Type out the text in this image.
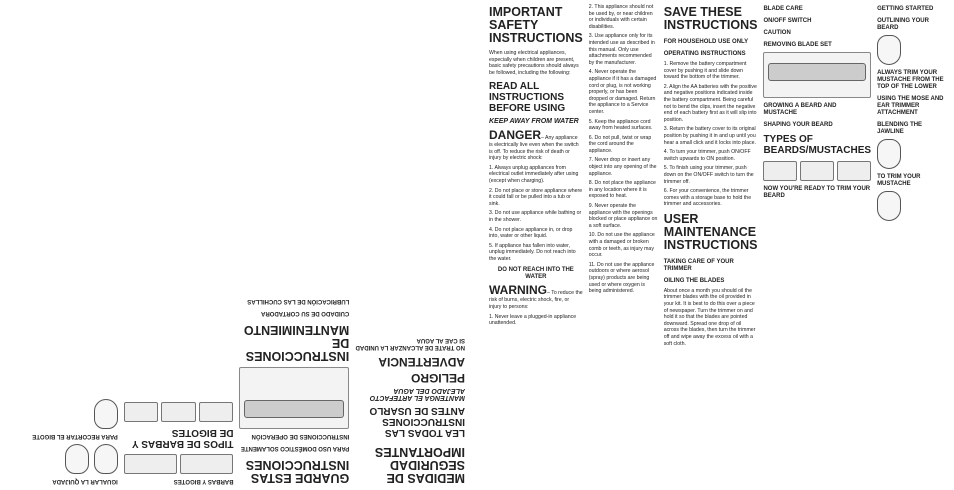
MEDIDAS DE SEGURIDAD IMPORTANTES
LEA TODAS LAS INSTRUCCIONES ANTES DE USARLO
MANTENGA EL ARTEFACTO ALEJADO DEL AGUA
PELIGRO
ADVERTENCIA
NO TRATE DE ALCANZAR LA UNIDAD SI CAE AL AGUA
GUARDE ESTAS INSTRUCCIONES
PARA USO DOMÉSTICO SOLAMENTE
INSTRUCCIONES DE OPERACIÓN
INSTRUCCIONES DE MANTENIMIENTO
CUIDADO DE SU CORTADORA
LUBRICACIÓN DE LAS CUCHILLAS
BARBAS Y BIGOTES
TIPOS DE BARBAS Y DE BIGOTES
IGUALAR LA QUIJADA
PARA RECORTAR EL BIGOTE
IMPORTANT SAFETY INSTRUCTIONS

When using electrical appliances, especially when children are present, basic safety precautions should always be followed, including the following:

READ ALL INSTRUCTIONS BEFORE USING
KEEP AWAY FROM WATER

DANGER– Any appliance is electrically live even when the switch is off. To reduce the risk of death or injury by electric shock:

1. Always unplug appliances from electrical outlet immediately after using (except when charging).

2. Do not place or store appliance where it could fall or be pulled into a tub or sink.

3. Do not use appliance while bathing or in the shower.

4. Do not place appliance in, or drop into, water or other liquid.

5. If appliance has fallen into water, unplug immediately. Do not reach into the water.

DO NOT REACH INTO THE WATER

WARNING– To reduce the risk of burns, electric shock, fire, or injury to persons:

1. Never leave a plugged-in appliance unattended.

2. This appliance should not be used by, or near children or individuals with certain disabilities.

3. Use appliance only for its intended use as described in this manual. Only use attachments recommended by the manufacturer.

4. Never operate the appliance if it has a damaged cord or plug, is not working properly, or has been dropped or damaged. Return the appliance to a Service center.

5. Keep the appliance cord away from heated surfaces.

6. Do not pull, twist or wrap the cord around the appliance.

7. Never drop or insert any object into any opening of the appliance.

8. Do not place the appliance in any location where it is exposed to heat.

9. Never operate the appliance with the openings blocked or place appliance on a soft surface.

10. Do not use the appliance with a damaged or broken comb or teeth, as injury may occur.

11. Do not use the appliance outdoors or where aerosol (spray) products are being used or where oxygen is being administered.

SAVE THESE INSTRUCTIONS
FOR HOUSEHOLD USE ONLY
OPERATING INSTRUCTIONS

1. Remove the battery compartment cover by pushing it and slide down toward the bottom of the trimmer.

2. Align the AA batteries with the positive and negative positions indicated inside the battery compartment. Being careful not to bend the clips, insert the negative end of each battery first as it will slip into position.

3. Return the battery cover to its original position by pushing it in and up until you hear a small click and it locks into place.

4. To turn your trimmer, push ON/OFF switch upwards to ON position.

5. To finish using your trimmer, push down on the ON/OFF switch to turn the trimmer off.

6. For your convenience, the trimmer comes with a storage base to hold the trimmer and accessories.

USER MAINTENANCE INSTRUCTIONS
TAKING CARE OF YOUR TRIMMER
OILING THE BLADES

About once a month you should oil the trimmer blades with the oil provided in your kit. It is best to do this over a piece of newspaper. Turn the trimmer on and hold it so that the blades are pointed downward. Spread one drop of oil across the blades, then turn the trimmer off and wipe away the excess oil with a soft cloth.

BLADE CARE
ON/OFF SWITCH
CAUTION
REMOVING BLADE SET
GROWING A BEARD AND MUSTACHE
SHAPING YOUR BEARD
TYPES OF BEARDS/MUSTACHES
NOW YOU'RE READY TO TRIM YOUR BEARD
GETTING STARTED
OUTLINING YOUR BEARD
ALWAYS TRIM YOUR MUSTACHE FROM THE TOP OF THE LOWER
USING THE MOSE AND EAR TRIMMER ATTACHMENT
BLENDING THE JAWLINE
TO TRIM YOUR MUSTACHE
